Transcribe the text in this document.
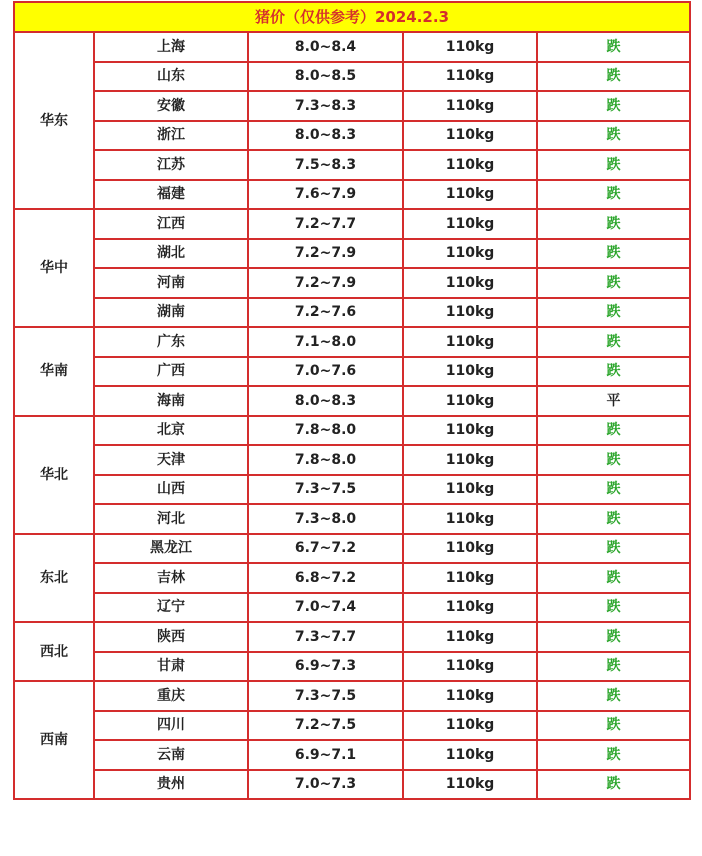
猪价（仅供参考）2024.2.3				
华东	上海	8.0~8.4	110kg	跌
	山东	8.0~8.5	110kg	跌
	安徽	7.3~8.3	110kg	跌
	浙江	8.0~8.3	110kg	跌
	江苏	7.5~8.3	110kg	跌
	福建	7.6~7.9	110kg	跌
华中	江西	7.2~7.7	110kg	跌
	湖北	7.2~7.9	110kg	跌
	河南	7.2~7.9	110kg	跌
	湖南	7.2~7.6	110kg	跌
华南	广东	7.1~8.0	110kg	跌
	广西	7.0~7.6	110kg	跌
	海南	8.0~8.3	110kg	平
华北	北京	7.8~8.0	110kg	跌
	天津	7.8~8.0	110kg	跌
	山西	7.3~7.5	110kg	跌
	河北	7.3~8.0	110kg	跌
东北	黑龙江	6.7~7.2	110kg	跌
	吉林	6.8~7.2	110kg	跌
	辽宁	7.0~7.4	110kg	跌
西北	陕西	7.3~7.7	110kg	跌
	甘肃	6.9~7.3	110kg	跌
西南	重庆	7.3~7.5	110kg	跌
	四川	7.2~7.5	110kg	跌
	云南	6.9~7.1	110kg	跌
	贵州	7.0~7.3	110kg	跌
